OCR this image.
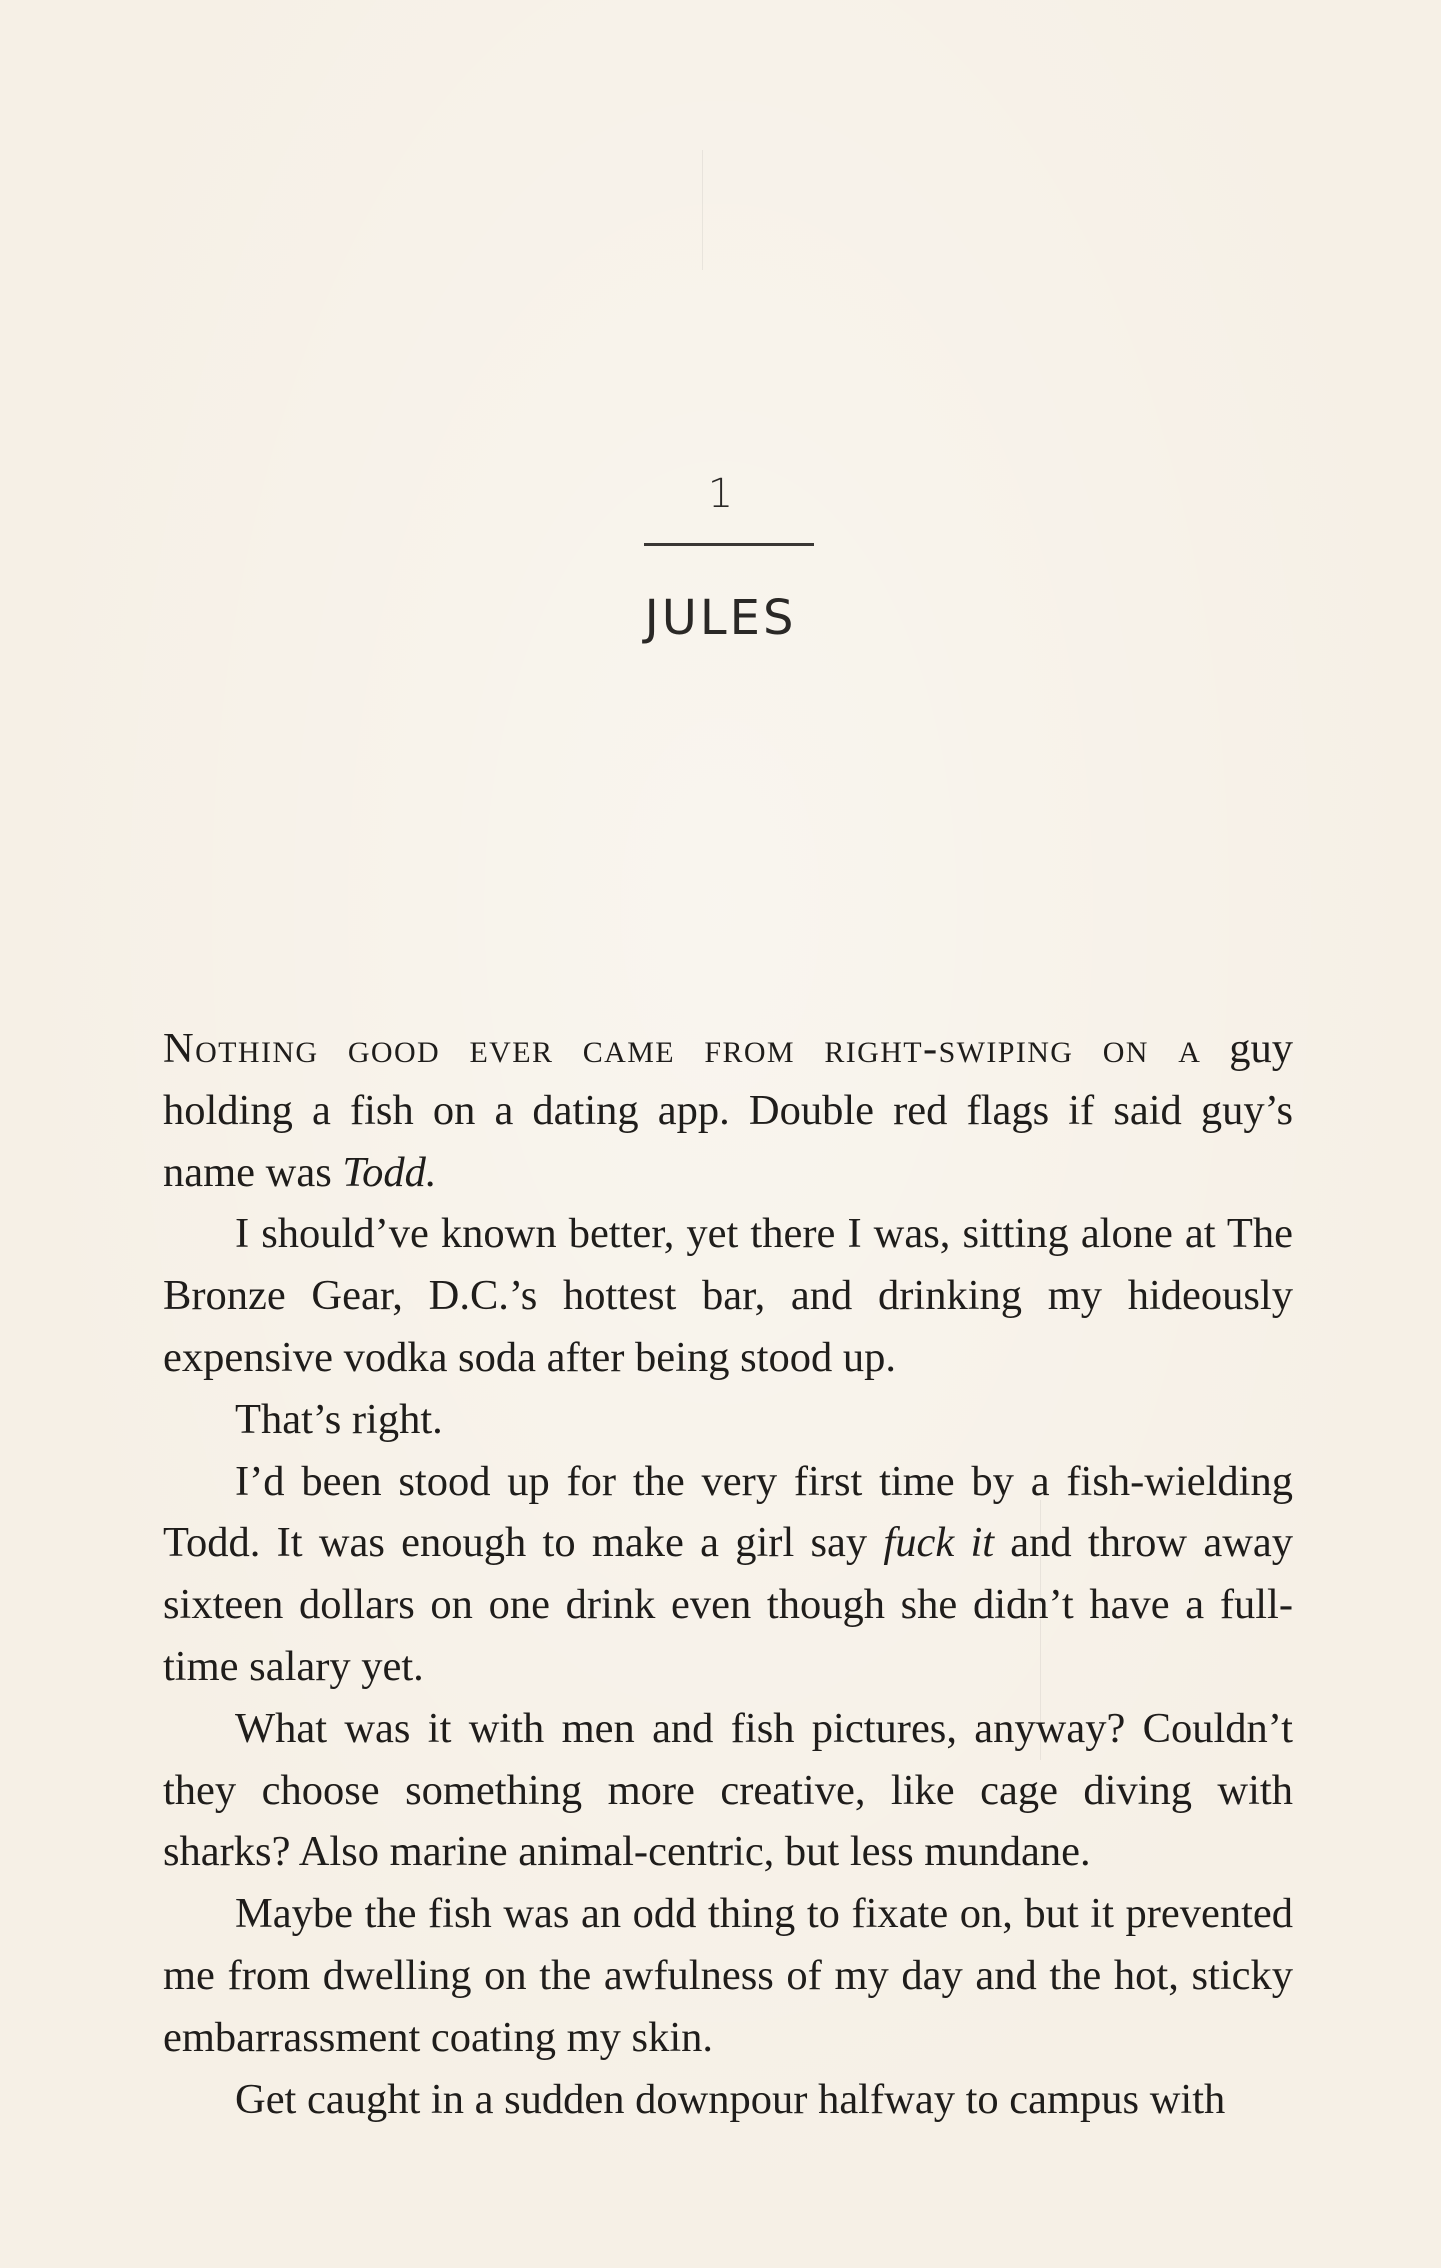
1
JULES

Nothing good ever came from right-swiping on a guy holding a fish on a dating app. Double red flags if said guy’s name was Todd.

I should’ve known better, yet there I was, sitting alone at The Bronze Gear, D.C.’s hottest bar, and drinking my hideously expensive vodka soda after being stood up.

That’s right.

I’d been stood up for the very first time by a fish-wielding Todd. It was enough to make a girl say fuck it and throw away sixteen dollars on one drink even though she didn’t have a full-time salary yet.

What was it with men and fish pictures, anyway? Couldn’t they choose something more creative, like cage diving with sharks? Also marine animal-centric, but less mundane.

Maybe the fish was an odd thing to fixate on, but it prevented me from dwelling on the awfulness of my day and the hot, sticky embarrassment coating my skin.

Get caught in a sudden downpour halfway to campus with
